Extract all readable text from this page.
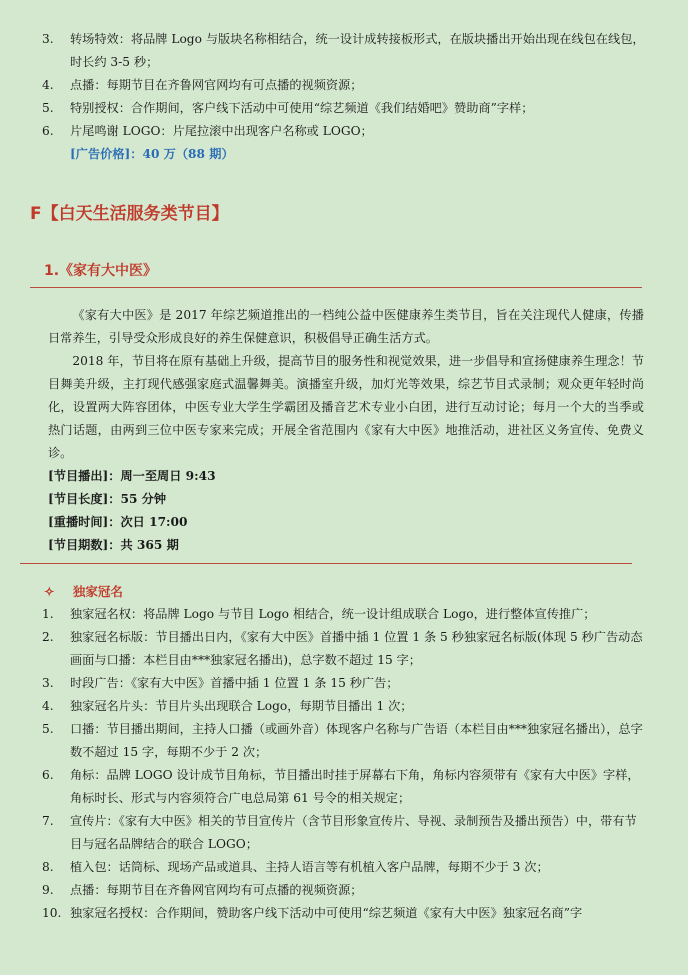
3.	转场特效：将品牌 Logo 与版块名称相结合，统一设计成转接板形式，在版块播出开始出现在线包在线包，时长约 3-5 秒；
4.	点播：每期节目在齐鲁网官网均有可点播的视频资源；
5.	特别授权：合作期间，客户线下活动中可使用“综艺频道《我们结婚吧》赞助商”字样；
6.	片尾鸣谢 LOGO：片尾拉滚中出现客户名称或 LOGO；
[广告价格]：40 万（88 期）
F【白天生活服务类节目】
1.《家有大中医》
《家有大中医》是 2017 年综艺频道推出的一档纯公益中医健康养生类节目，旨在关注现代人健康，传播日常养生，引导受众形成良好的养生保健意识，积极倡导正确生活方式。
2018 年，节目将在原有基础上升级，提高节目的服务性和视觉效果，进一步倡导和宣扬健康养生理念！节目舞美升级，主打现代感强家庭式温馨舞美。演播室升级，加灯光等效果，综艺节目式录制；观众更年轻时尚化，设置两大阵容团体，中医专业大学生学霸团及播音艺术专业小白团，进行互动讨论；每月一个大的当季或热门话题，由两到三位中医专家来完成；开展全省范围内《家有大中医》地推活动，进社区义务宣传、免费义诊。
[节目播出]：周一至周日 9:43
[节目长度]：55 分钟
[重播时间]：次日 17:00
[节目期数]：共 365 期
✧ 独家冠名
1.	独家冠名权：将品牌 Logo 与节目 Logo 相结合，统一设计组成联合 Logo，进行整体宣传推广；
2.	独家冠名标版：节目播出日内，《家有大中医》首播中插 1 位置 1 条 5 秒独家冠名标版(体现 5 秒广告动态画面与口播：本栏目由***独家冠名播出)，总字数不超过 15 字；
3.	时段广告：《家有大中医》首播中插 1 位置 1 条 15 秒广告；
4.	独家冠名片头：节目片头出现联合 Logo，每期节目播出 1 次；
5.	口播：节目播出期间，主持人口播（或画外音）体现客户名称与广告语（本栏目由***独家冠名播出），总字数不超过 15 字，每期不少于 2 次；
6.	角标：品牌 LOGO 设计成节目角标，节目播出时挂于屏幕右下角，角标内容须带有《家有大中医》字样，角标时长、形式与内容须符合广电总局第 61 号令的相关规定；
7.	宣传片：《家有大中医》相关的节目宣传片（含节目形象宣传片、导视、录制预告及播出预告）中，带有节目与冠名品牌结合的联合 LOGO；
8.	植入包：话筒标、现场产品或道具、主持人语言等有机植入客户品牌，每期不少于 3 次；
9.	点播：每期节目在齐鲁网官网均有可点播的视频资源；
10. 独家冠名授权：合作期间，赞助客户线下活动中可使用“综艺频道《家有大中医》独家冠名商”字
